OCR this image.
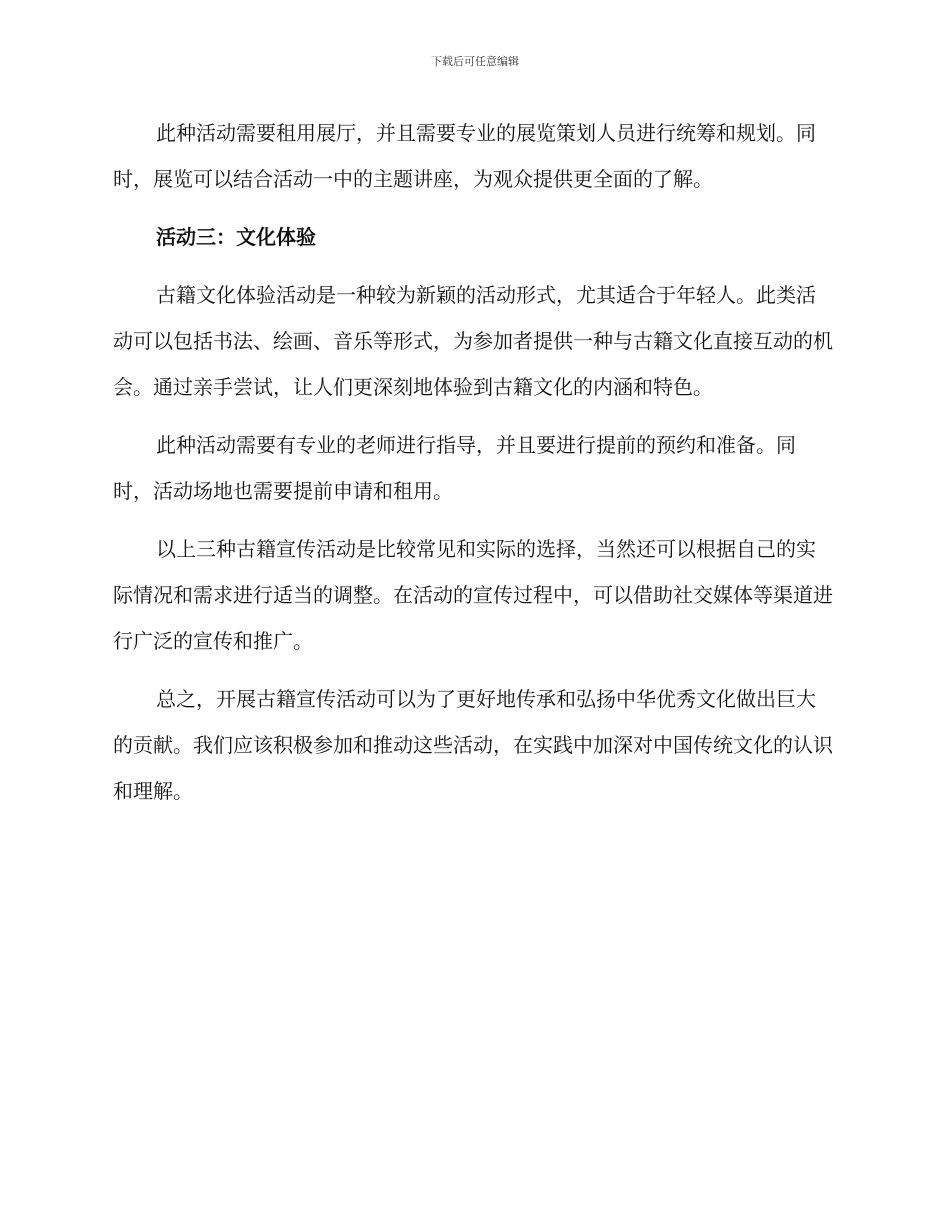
下载后可任意编辑

此种活动需要租用展厅，并且需要专业的展览策划人员进行统筹和规划。同时，展览可以结合活动一中的主题讲座，为观众提供更全面的了解。

活动三：文化体验

古籍文化体验活动是一种较为新颖的活动形式，尤其适合于年轻人。此类活动可以包括书法、绘画、音乐等形式，为参加者提供一种与古籍文化直接互动的机会。通过亲手尝试，让人们更深刻地体验到古籍文化的内涵和特色。

此种活动需要有专业的老师进行指导，并且要进行提前的预约和准备。同时，活动场地也需要提前申请和租用。

以上三种古籍宣传活动是比较常见和实际的选择，当然还可以根据自己的实际情况和需求进行适当的调整。在活动的宣传过程中，可以借助社交媒体等渠道进行广泛的宣传和推广。

总之，开展古籍宣传活动可以为了更好地传承和弘扬中华优秀文化做出巨大的贡献。我们应该积极参加和推动这些活动，在实践中加深对中国传统文化的认识和理解。
